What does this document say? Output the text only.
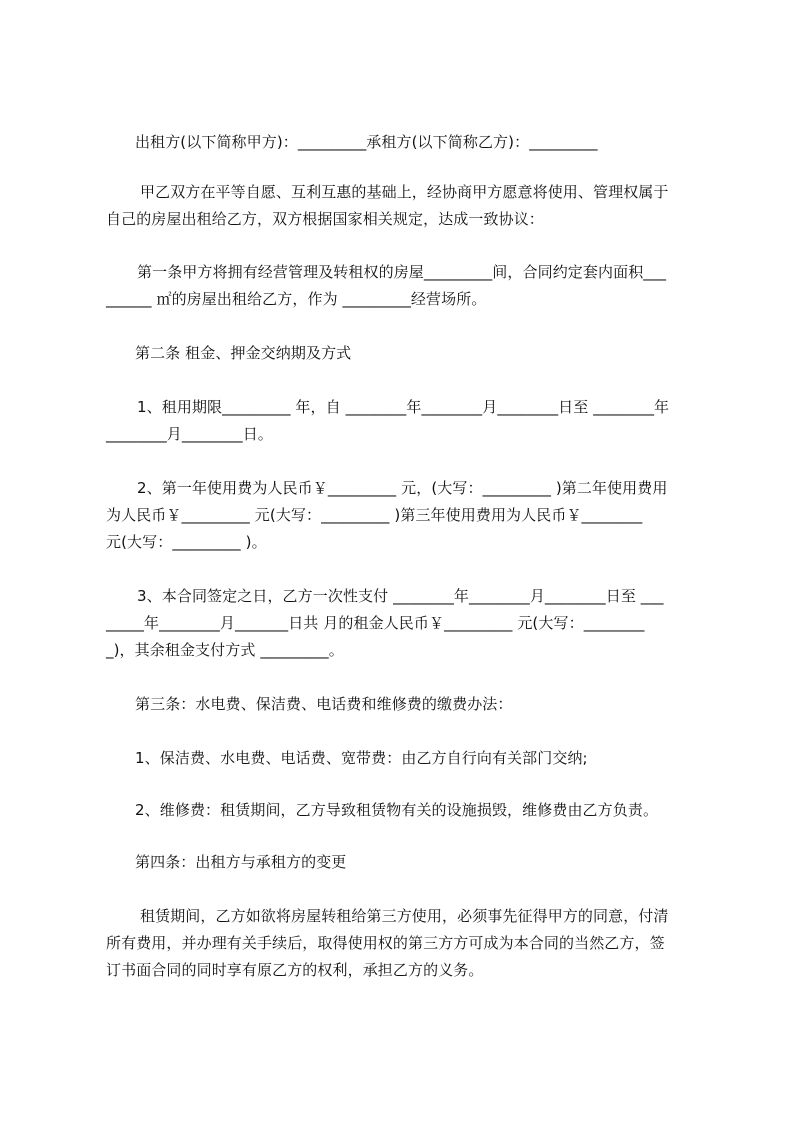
出租方(以下简称甲方)：_________承租方(以下简称乙方)：_________
甲乙双方在平等自愿、互利互惠的基础上，经协商甲方愿意将使用、管理权属于
自己的房屋出租给乙方，双方根据国家相关规定，达成一致协议：
第一条甲方将拥有经营管理及转租权的房屋_________间，合同约定套内面积___
______ ㎡的房屋出租给乙方，作为 _________经营场所。
第二条 租金、押金交纳期及方式
1、租用期限_________ 年，自 ________年________月________日至 ________年
________月________日。
2、第一年使用费为人民币￥_________ 元，(大写：_________ )第二年使用费用
为人民币￥_________ 元(大写：_________ )第三年使用费用为人民币￥________
元(大写：_________ )。
3、本合同签定之日，乙方一次性支付 ________年________月________日至 ___
_____年________月_______日共 月的租金人民币￥_________ 元(大写：________
_)，其余租金支付方式 _________。
第三条：水电费、保洁费、电话费和维修费的缴费办法：
1、保洁费、水电费、电话费、宽带费：由乙方自行向有关部门交纳;
2、维修费：租赁期间，乙方导致租赁物有关的设施损毁，维修费由乙方负责。
第四条：出租方与承租方的变更
租赁期间，乙方如欲将房屋转租给第三方使用，必须事先征得甲方的同意，付清
所有费用，并办理有关手续后，取得使用权的第三方方可成为本合同的当然乙方，签
订书面合同的同时享有原乙方的权利，承担乙方的义务。
